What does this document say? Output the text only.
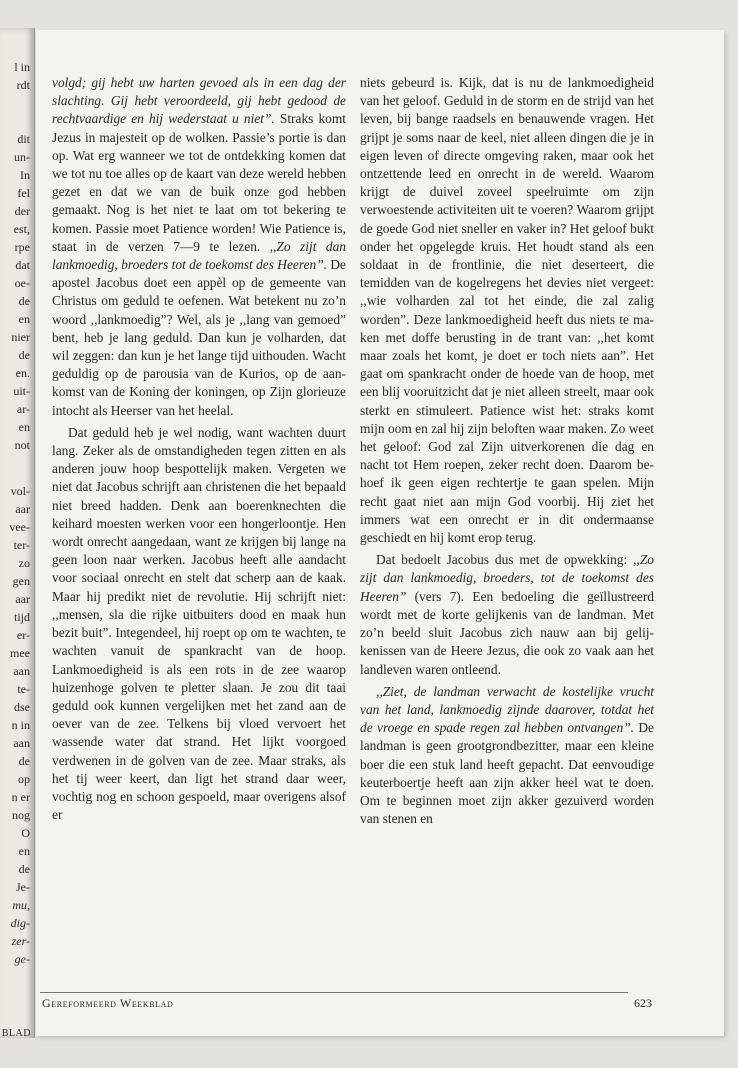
l in
rdt
dit
un-
In
fel
der
est,
rpe
dat
oe-
de
en
nier
de
en.
uit-
ar-
en
not
vol-
aar
vee-
ter-
zo
gen
aar
tijd
er-
mee
aan
te-
dse
n in
aan
de
op
n er
nog
O
en
de
Je-
mu,
dig-
zer-
ge-
BLAD

volgd; gij hebt uw harten gevoed als in een dag der slachting. Gij hebt veroordeeld, gij hebt gedood de rechtvaardige en hij wederstaat u niet”. Straks komt Jezus in majesteit op de wolken. Passie’s portie is dan op. Wat erg wanneer we tot de ontdekking komen dat we tot nu toe alles op de kaart van deze wereld hebben gezet en dat we van de buik onze god hebben gemaakt. Nog is het niet te laat om tot bekering te komen. Passie moet Patience worden! Wie Patience is, staat in de verzen 7—9 te lezen. ,,Zo zijt dan lankmoedig, broeders tot de toekomst des Heeren”. De apostel Jacobus doet een appèl op de gemeente van Christus om geduld te oefenen. Wat betekent nu zo’n woord ,,lankmoedig”? Wel, als je ,,lang van gemoed” bent, heb je lang geduld. Dan kun je volharden, dat wil zeggen: dan kun je het lange tijd uithouden. Wacht geduldig op de parousia van de Kurios, op de aankomst van de Koning der koningen, op Zijn glorieuze intocht als Heerser van het heelal.

Dat geduld heb je wel nodig, want wachten duurt lang. Zeker als de omstandigheden tegen zitten en als anderen jouw hoop bespottelijk maken. Vergeten we niet dat Jacobus schrijft aan christenen die het bepaald niet breed hadden. Denk aan boerenknechten die keihard moesten werken voor een hongerloontje. Hen wordt onrecht aangedaan, want ze krijgen bij lange na geen loon naar werken. Jacobus heeft alle aandacht voor sociaal onrecht en stelt dat scherp aan de kaak. Maar hij predikt niet de revolutie. Hij schrijft niet: ,,mensen, sla die rijke uitbuiters dood en maak hun bezit buit”. Integendeel, hij roept op om te wachten, te wachten vanuit de spankracht van de hoop. Lankmoedigheid is als een rots in de zee waarop huizenhoge golven te pletter slaan. Je zou dit taai geduld ook kunnen vergelijken met het zand aan de oever van de zee. Telkens bij vloed vervoert het wassende water dat strand. Het lijkt voorgoed verdwenen in de golven van de zee. Maar straks, als het tij weer keert, dan ligt het strand daar weer, vochtig nog en schoon gespoeld, maar overigens alsof er

niets gebeurd is. Kijk, dat is nu de lankmoedigheid van het geloof. Geduld in de storm en de strijd van het leven, bij bange raadsels en benauwende vragen. Het grijpt je soms naar de keel, niet alleen dingen die je in eigen leven of directe omgeving raken, maar ook het ontzettende leed en onrecht in de wereld. Waarom krijgt de duivel zoveel speelruimte om zijn verwoestende activiteiten uit te voeren? Waarom grijpt de goede God niet sneller en vaker in? Het geloof bukt onder het opgelegde kruis. Het houdt stand als een soldaat in de frontlinie, die niet deserteert, die temidden van de kogelregens het devies niet vergeet: ,,wie volharden zal tot het einde, die zal zalig worden”. Deze lankmoedigheid heeft dus niets te maken met doffe berusting in de trant van: ,,het komt maar zoals het komt, je doet er toch niets aan”. Het gaat om spankracht onder de hoede van de hoop, met een blij vooruitzicht dat je niet alleen streelt, maar ook sterkt en stimuleert. Patience wist het: straks komt mijn oom en zal hij zijn beloften waar maken. Zo weet het geloof: God zal Zijn uitverkorenen die dag en nacht tot Hem roepen, zeker recht doen. Daarom behoef ik geen eigen rechtertje te gaan spelen. Mijn recht gaat niet aan mijn God voorbij. Hij ziet het immers wat een onrecht er in dit ondermaanse geschiedt en hij komt erop terug.

Dat bedoelt Jacobus dus met de opwekking: ,,Zo zijt dan lankmoedig, broeders, tot de toekomst des Heeren” (vers 7). Een bedoeling die geïllustreerd wordt met de korte gelijkenis van de landman. Met zo’n beeld sluit Jacobus zich nauw aan bij gelijkenissen van de Heere Jezus, die ook zo vaak aan het landleven waren ontleend.

,,Ziet, de landman verwacht de kostelijke vrucht van het land, lankmoedig zijnde daarover, totdat het de vroege en spade regen zal hebben ontvangen”. De landman is geen grootgrondbezitter, maar een kleine boer die een stuk land heeft gepacht. Dat eenvoudige keuterboertje heeft aan zijn akker heel wat te doen. Om te beginnen moet zijn akker gezuiverd worden van stenen en

Gereformeerd Weekblad	623
